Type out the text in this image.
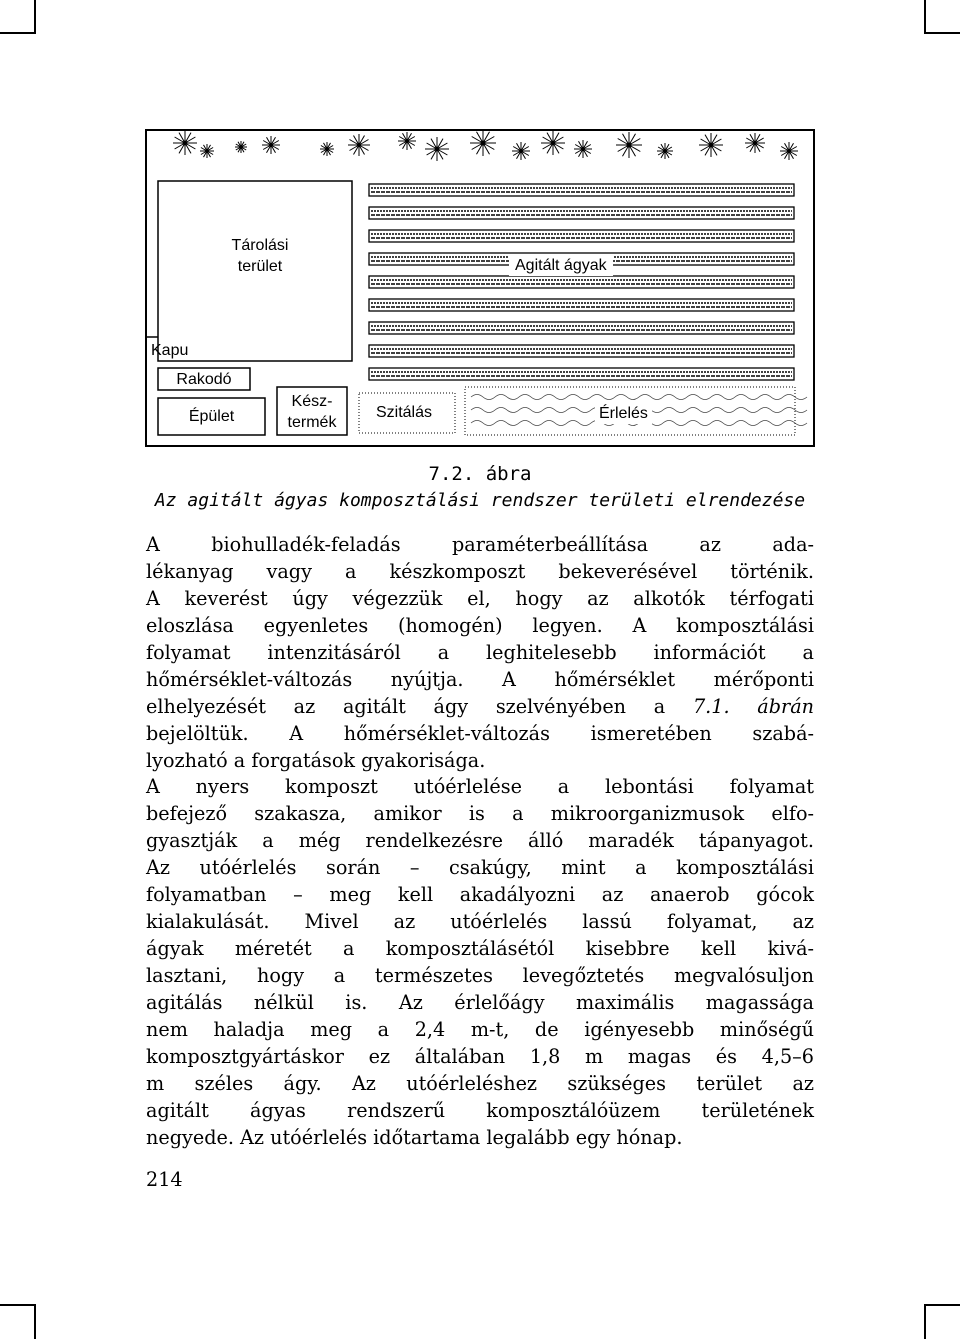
Tárolási
terület	Agitált ágyak
Kapu
Rakodó
Épület
Kész-
termék
Szitálás	Érlelés
7.2. ábra
Az agitált ágyas komposztálási rendszer területi elrendezése
A biohulladék-feladás paraméterbeállítása az ada-
lékanyag vagy a készkomposzt bekeverésével történik.
A keverést úgy végezzük el, hogy az alkotók térfogati
eloszlása egyenletes (homogén) legyen. A komposztálási
folyamat intenzitásáról a leghitelesebb információt a
hőmérséklet-változás nyújtja. A hőmérséklet mérőponti
elhelyezését az agitált ágy szelvényében a 7.1. ábrán
bejelöltük. A hőmérséklet-változás ismeretében szabá-
lyozható a forgatások gyakorisága.
A nyers komposzt utóérlelése a lebontási folyamat
befejező szakasza, amikor is a mikroorganizmusok elfo-
gyasztják a még rendelkezésre álló maradék tápanyagot.
Az utóérlelés során – csakúgy, mint a komposztálási
folyamatban – meg kell akadályozni az anaerob gócok
kialakulását. Mivel az utóérlelés lassú folyamat, az
ágyak méretét a komposztálásétól kisebbre kell kivá-
lasztani, hogy a természetes levegőztetés megvalósuljon
agitálás nélkül is. Az érlelőágy maximális magassága
nem haladja meg a 2,4 m-t, de igényesebb minőségű
komposztgyártáskor ez általában 1,8 m magas és 4,5–6
m széles ágy. Az utóérleléshez szükséges terület az
agitált ágyas rendszerű komposztálóüzem területének
negyede. Az utóérlelés időtartama legalább egy hónap.
214
